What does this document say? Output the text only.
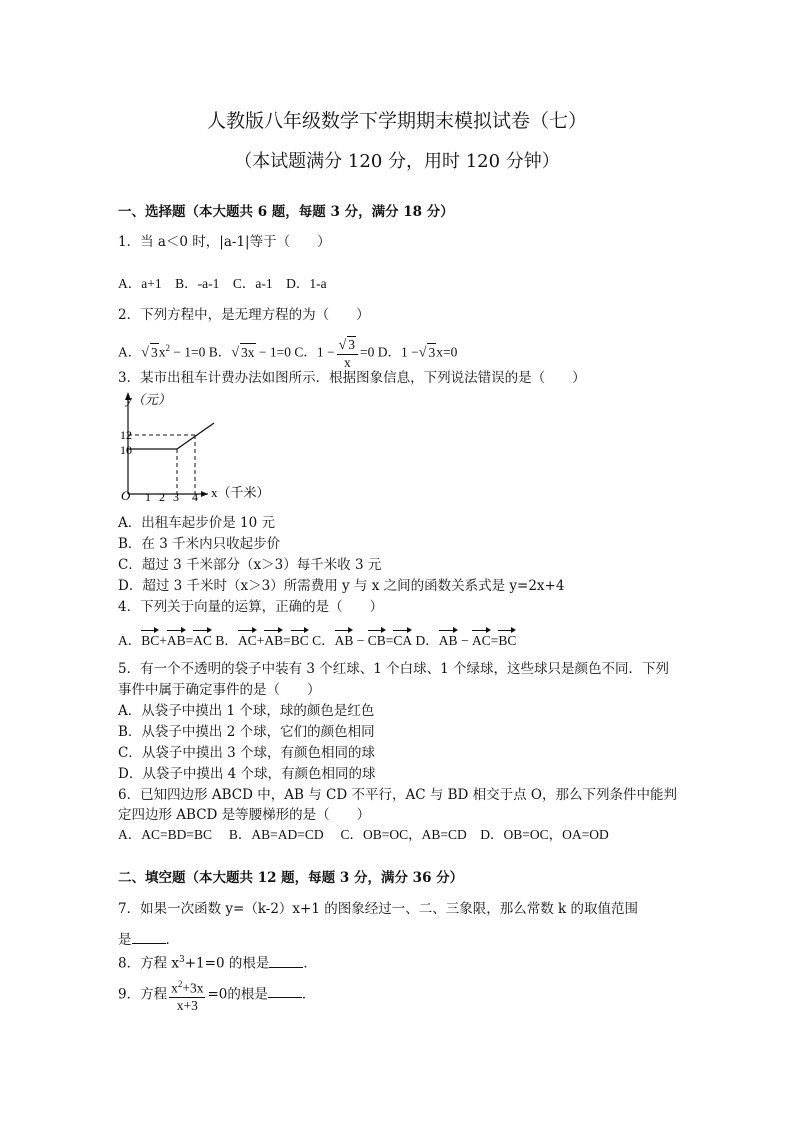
人教版八年级数学下学期期末模拟试卷（七）
（本试题满分 120 分，用时 120 分钟）
一、选择题（本大题共 6 题，每题 3 分，满分 18 分）
1．当 a＜0 时，|a-1|等于（　　）
A．a+1　B．-a-1　C．a-1　D．1-a
2．下列方程中，是无理方程的为（　　）
A．√ $3x^2 - 1=0$ B．√ 3x − 1=0 C．$1 - \frac{√ 3}{x} =0$ D．1 −√ 3x=0
3．某市出租车计费办法如图所示．根据图象信息，下列说法错误的是（　　）
y（元）
x（千米）
O
12
10
1 2 3 4
A．出租车起步价是 10 元
B．在 3 千米内只收起步价
C．超过 3 千米部分（x＞3）每千米收 3 元
D．超过 3 千米时（x＞3）所需费用 y 与 x 之间的函数关系式是 y=2x+4
4．下列关于向量的运算，正确的是（　　）
A．BC+AB=AC B．AC+AB=BC C．AB − CB=CA D．AB − AC=BC
5．有一个不透明的袋子中装有 3 个红球、1 个白球、1 个绿球，这些球只是颜色不同．下列
事件中属于确定事件的是（　　）
A．从袋子中摸出 1 个球，球的颜色是红色
B．从袋子中摸出 2 个球，它们的颜色相同
C．从袋子中摸出 3 个球，有颜色相同的球
D．从袋子中摸出 4 个球，有颜色相同的球
6．已知四边形 ABCD 中，AB 与 CD 不平行，AC 与 BD 相交于点 O，那么下列条件中能判
定四边形 ABCD 是等腰梯形的是（　　）
A．AC=BD=BC　 B．AB=AD=CD　 C．OB=OC，AB=CD　D．OB=OC，OA=OD
二、填空题（本大题共 12 题，每题 3 分，满分 36 分）
7．如果一次函数 y=（k-2）x+1 的图象经过一、二、三象限，那么常数 k 的取值范围
是	．
8．方程 $x^3+1=0$ 的根是	．
9．方程 $\frac{x^2+3x}{x+3} =0$的根是	．
